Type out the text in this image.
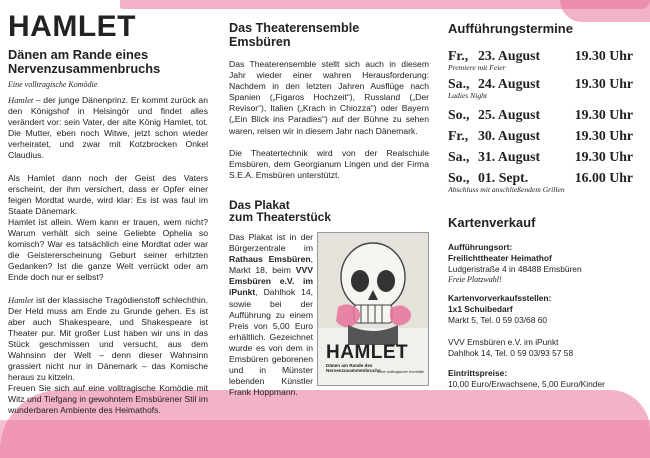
HAMLET
Dänen am Rande eines
Nervenzusammenbruchs
Eine volltragische Komödie

Hamlet – der junge Dänenprinz. Er kommt zurück an den Königshof in Helsingör und findet alles verändert vor: sein Vater, der alte König Hamlet, tot. Die Mutter, eben noch Witwe, jetzt schon wieder verheiratet, und zwar mit Kotzbrocken Onkel Claudius.

Als Hamlet dann noch der Geist des Vaters erscheint, der ihm versichert, dass er Opfer einer feigen Mordtat wurde, wird klar: Es ist was faul im Staate Dänemark.

Hamlet ist allein. Wem kann er trauen, wem nicht? Warum verhält sich seine Geliebte Ophelia so komisch? War es tatsächlich eine Mordtat oder war die Geistererscheinung Geburt seiner erhitzten Gedanken? Ist die ganze Welt verrückt oder am Ende doch nur er selbst?

Hamlet ist der klassische Tragödienstoff schlechthin. Der Held muss am Ende zu Grunde gehen. Es ist aber auch Shakespeare, und Shakespeare ist Theater pur. Mit großer Lust haben wir uns in das Stück geschmissen und versucht, aus dem Wahnsinn der Welt – denn dieser Wahnsinn grassiert nicht nur in Dänemark – das Komische heraus zu kitzeln.

Freuen Sie sich auf eine volltragische Komödie mit Witz und Tiefgang in gewohntem Emsbürener Stil im wunderbaren Ambiente des Heimathofs.

Das Theaterensemble
Emsbüren

Das Theaterensemble stellt sich auch in diesem Jahr wieder einer wahren Herausforderung: Nachdem in den letzten Jahren Ausflüge nach Spanien („Figaros Hochzeit“), Russland („Der Revisor“), Italien („Krach in Chiozza“) oder Bayern („Ein Blick ins Paradies“) auf der Bühne zu sehen waren, reisen wir in diesem Jahr nach Dänemark.

Die Theatertechnik wird von der Realschule Emsbüren, dem Georgianum Lingen und der Firma S.E.A. Emsbüren unterstützt.

Das Plakat
zum Theaterstück
HAMLET
Dänen am Rande des Nervenzusammenbruchs
Eine volltragische Komödie

Das Plakat ist in der Bürgerzentrale im Rathaus Emsbüren, Markt 18, beim VVV Emsbüren e.V. im iPunkt, Dahlhok 14, sowie bei der Aufführung zu einem Preis von 5,00 Euro erhältlich. Gezeichnet wurde es von dem in Emsbüren geborenen und in Münster lebenden Künstler Frank Hoppmann.

Aufführungstermine
Fr., 23. August	19.30 Uhr
Premiere mit Feier
Sa., 24. August	19.30 Uhr
Ladies Night
So., 25. August	19.30 Uhr
Fr., 30. August	19.30 Uhr
Sa., 31. August	19.30 Uhr
So., 01. Sept.	16.00 Uhr
Abschluss mit anschließendem Grillen
Kartenverkauf
Aufführungsort:
Freilichttheater Heimathof
Ludgeristraße 4 in 48488 Emsbüren
Freie Platzwahl!
Kartenvorverkaufsstellen:
1x1 Schuibedarf
Markt 5, Tel. 0 59 03/68 60
VVV Emsbüren e.V. im iPunkt
Dahlhok 14, Tel. 0 59 03/93 57 58
Eintrittspreise:
10,00 Euro/Erwachsene, 5,00 Euro/Kinder
